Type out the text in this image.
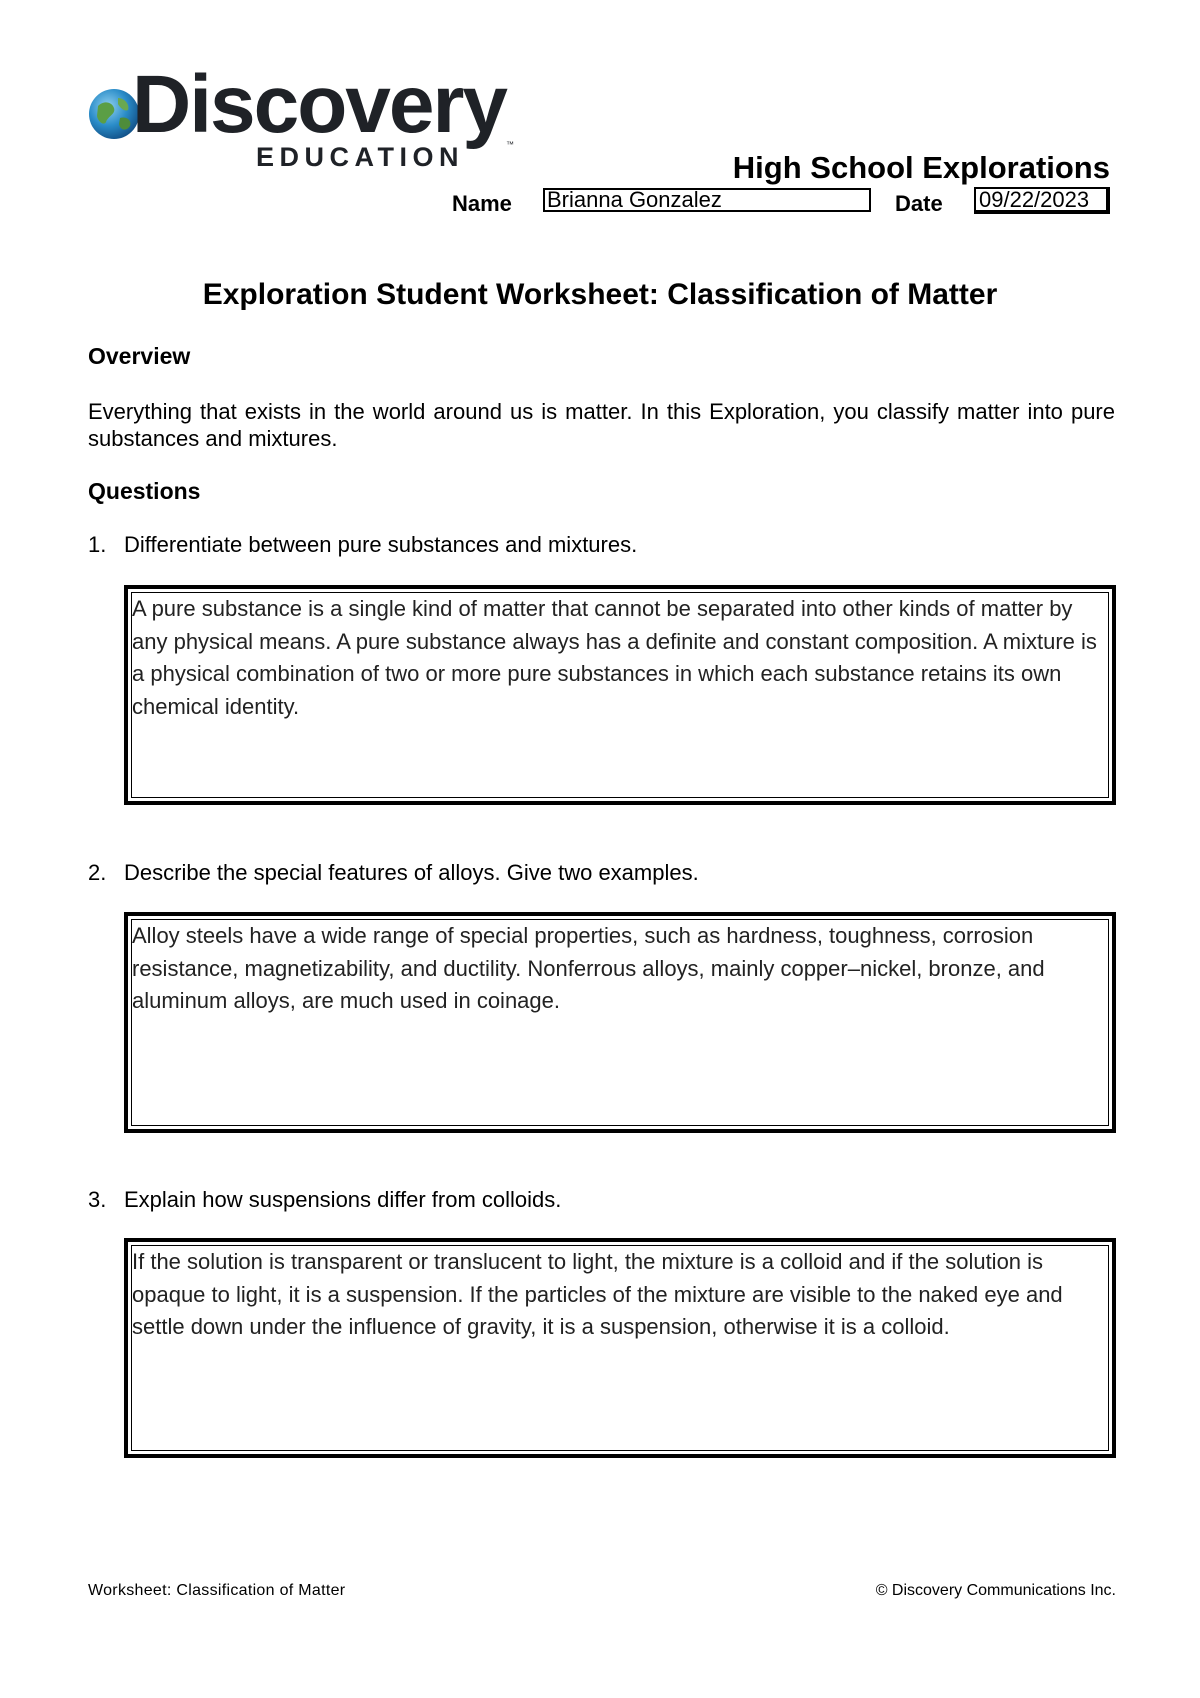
Discovery
EDUCATION	™
High School Explorations
Name Brianna Gonzalez	Date 09/22/2023
Exploration Student Worksheet: Classification of Matter
Overview
Everything that exists in the world around us is matter. In this Exploration, you classify matter into pure substances and mixtures.
Questions
1. Differentiate between pure substances and mixtures.
A pure substance is a single kind of matter that cannot be separated into other kinds of matter by any physical means. A pure substance always has a definite and constant composition. A mixture is a physical combination of two or more pure substances in which each substance retains its own chemical identity.
2. Describe the special features of alloys. Give two examples.
Alloy steels have a wide range of special properties, such as hardness, toughness, corrosion resistance, magnetizability, and ductility. Nonferrous alloys, mainly copper–nickel, bronze, and aluminum alloys, are much used in coinage.
3. Explain how suspensions differ from colloids.
If the solution is transparent or translucent to light, the mixture is a colloid and if the solution is opaque to light, it is a suspension. If the particles of the mixture are visible to the naked eye and settle down under the influence of gravity, it is a suspension, otherwise it is a colloid.
Worksheet: Classification of Matter	© Discovery Communications Inc.
